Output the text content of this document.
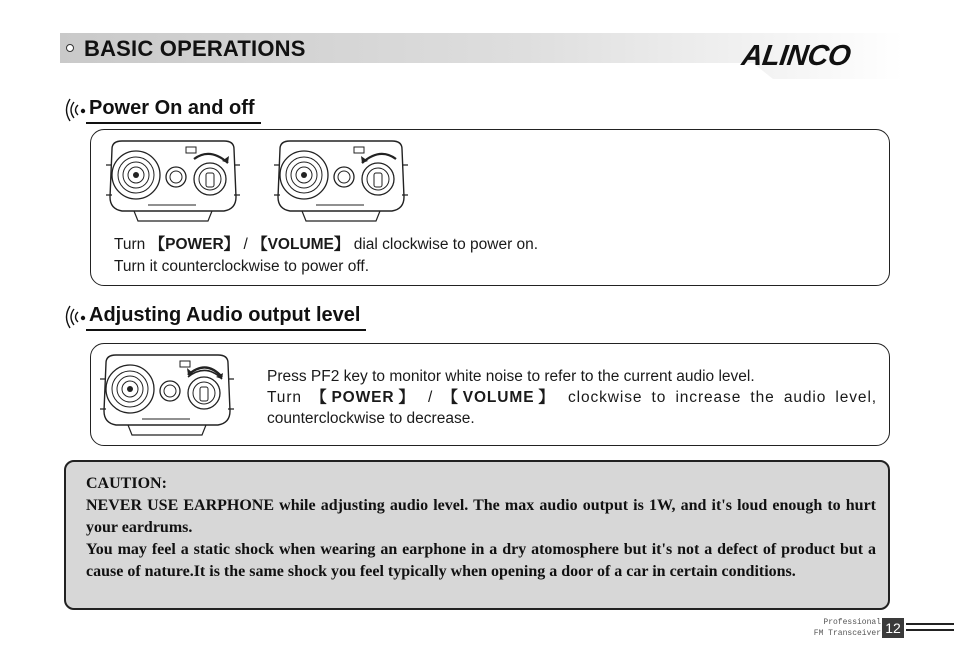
BASIC OPERATIONS	ALINCO
Power On and off
Turn 【POWER】 / 【VOLUME】 dial clockwise to power on.
Turn it counterclockwise to power off.
Adjusting Audio output level
Press PF2 key to monitor white noise to refer to the current audio level.
Turn 【POWER】 / 【VOLUME】 clockwise to increase the audio level,
counterclockwise to decrease.

CAUTION:

NEVER USE EARPHONE while adjusting audio level. The max audio output is 1W, and it's loud enough to hurt your eardrums.

You may feel a static shock when wearing an earphone in a dry atomosphere but it's not a defect of product but a cause of nature.It is the same shock you feel typically when opening a door of a car in certain conditions.

Professional
FM Transceiver 12
